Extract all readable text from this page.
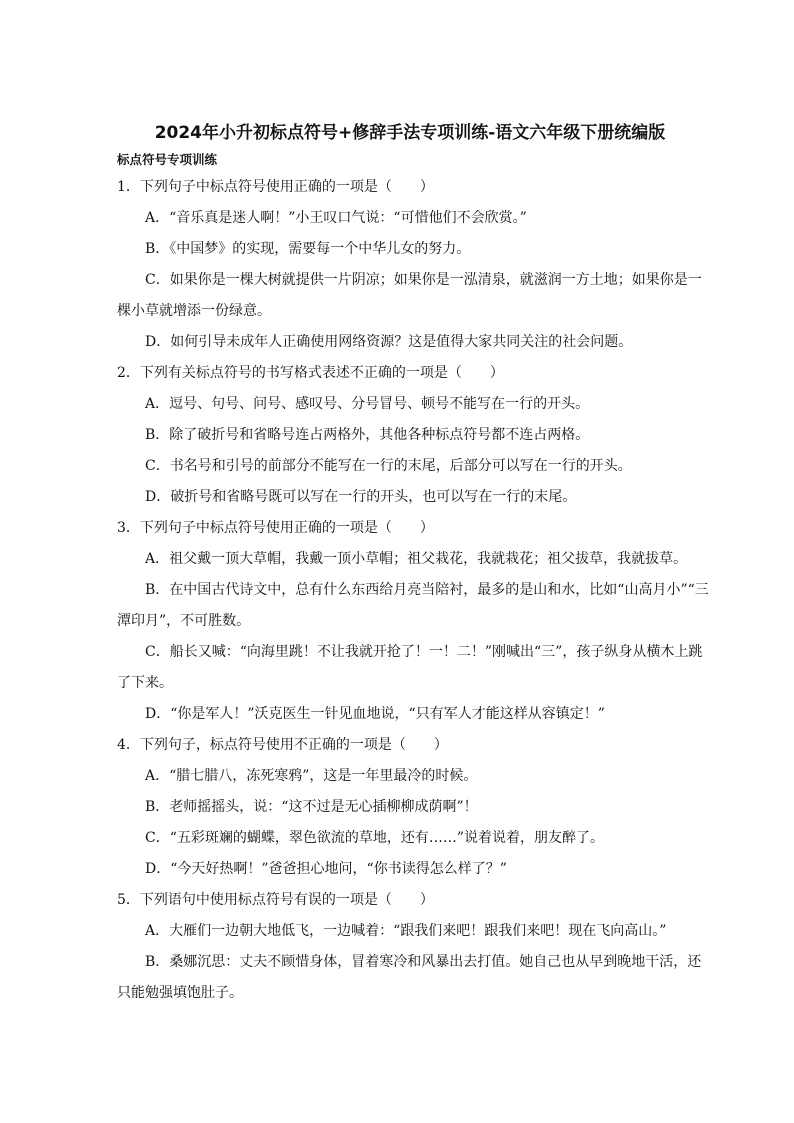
2024年小升初标点符号+修辞手法专项训练-语文六年级下册统编版
标点符号专项训练
1．下列句子中标点符号使用正确的一项是（　　）
A．“音乐真是迷人啊！”小王叹口气说：“可惜他们不会欣赏。”
B．《中国梦》的实现，需要每一个中华儿女的努力。
C．如果你是一棵大树就提供一片阴凉；如果你是一泓清泉，就滋润一方土地；如果你是一
棵小草就增添一份绿意。
D．如何引导未成年人正确使用网络资源？这是值得大家共同关注的社会问题。
2．下列有关标点符号的书写格式表述不正确的一项是（　　）
A．逗号、句号、问号、感叹号、分号冒号、顿号不能写在一行的开头。
B．除了破折号和省略号连占两格外，其他各种标点符号都不连占两格。
C．书名号和引号的前部分不能写在一行的末尾，后部分可以写在一行的开头。
D．破折号和省略号既可以写在一行的开头，也可以写在一行的末尾。
3．下列句子中标点符号使用正确的一项是（　　）
A．祖父戴一顶大草帽，我戴一顶小草帽；祖父栽花，我就栽花；祖父拔草，我就拔草。
B．在中国古代诗文中，总有什么东西给月亮当陪衬，最多的是山和水，比如“山高月小”“三
潭印月”，不可胜数。
C．船长又喊：“向海里跳！不让我就开抢了！一！二！”刚喊出“三”，孩子纵身从横木上跳
了下来。
D．“你是军人！”沃克医生一针见血地说，“只有军人才能这样从容镇定！”
4．下列句子，标点符号使用不正确的一项是（　　）
A．“腊七腊八，冻死寒鸦”，这是一年里最冷的时候。
B．老师摇摇头，说：“这不过是无心插柳柳成荫啊”！
C．“五彩斑斓的蝴蝶，翠色欲流的草地，还有……”说着说着，朋友醉了。
D．“今天好热啊！”爸爸担心地问，“你书读得怎么样了？”
5．下列语句中使用标点符号有误的一项是（　　）
A．大雁们一边朝大地低飞，一边喊着：“跟我们来吧！跟我们来吧！现在飞向高山。”
B．桑娜沉思：丈夫不顾惜身体，冒着寒冷和风暴出去打值。她自己也从早到晚地干活，还
只能勉强填饱肚子。
